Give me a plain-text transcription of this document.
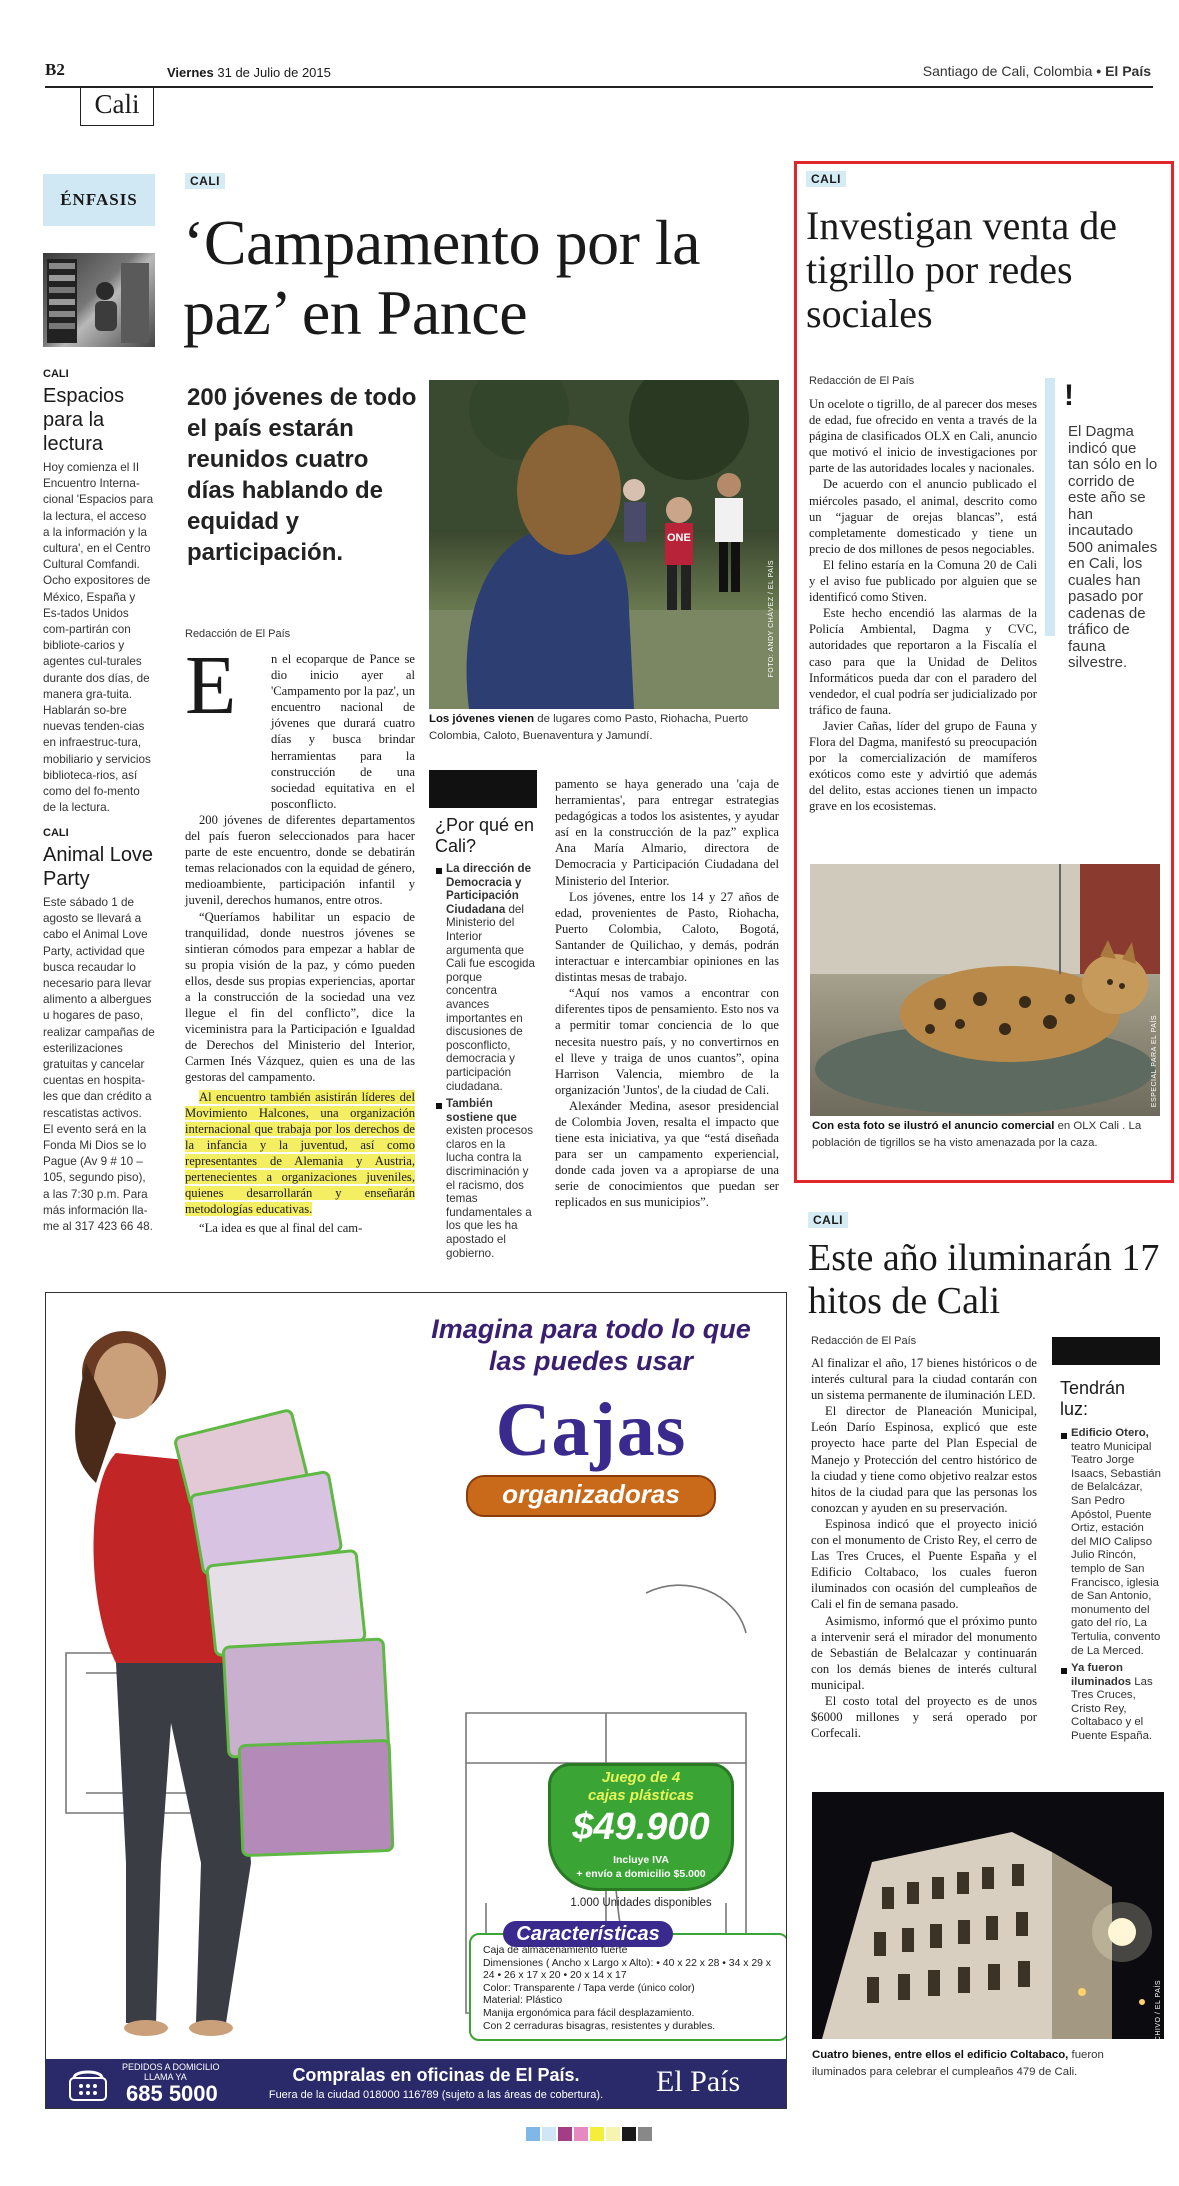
B2	Viernes 31 de Julio de 2015	Santiago de Cali, Colombia • El País
Cali
ÉNFASIS
CALI
Espacios para la lectura
Hoy comienza el II Encuentro Interna-cional 'Espacios para la lectura, el acceso a la información y la cultura', en el Centro Cultural Comfandi. Ocho expositores de México, España y Es-tados Unidos com-partirán con bibliote-carios y agentes cul-turales durante dos días, de manera gra-tuita. Hablarán so-bre nuevas tenden-cias en infraestruc-tura, mobiliario y servicios biblioteca-rios, así como del fo-mento de la lectura.
CALI
Animal Love Party
Este sábado 1 de agosto se llevará a cabo el Animal Love Party, actividad que busca recaudar lo necesario para llevar alimento a albergues u hogares de paso, realizar campañas de esterilizaciones gratuitas y cancelar cuentas en hospita-les que dan crédito a rescatistas activos. El evento será en la Fonda Mi Dios se lo Pague (Av 9 # 10 – 105, segundo piso), a las 7:30 p.m. Para más información lla-me al 317 423 66 48.
CALI
‘Campamento por la paz’ en Pance
200 jóvenes de todo el país estarán reunidos cuatro días hablando de equidad y participación.
Redacción de El País
ONE
FOTO: ANDY CHÁVEZ / EL PAÍS
Los jóvenes vienen de lugares como Pasto, Riohacha, Puerto Colombia, Caloto, Buenaventura y Jamundí.
E	n el ecoparque de Pance se dio inicio ayer al 'Campamento por la paz', un encuentro nacional de jóvenes que durará cuatro días y busca brindar herramientas para la construcción de una sociedad equitativa en el posconflicto.

200 jóvenes de diferentes departamentos del país fueron seleccionados para hacer parte de este encuentro, donde se debatirán temas relacionados con la equidad de género, medioambiente, participación infantil y juvenil, derechos humanos, entre otros.

“Queríamos habilitar un espacio de tranquilidad, donde nuestros jóvenes se sintieran cómodos para empezar a hablar de su propia visión de la paz, y cómo pueden ellos, desde sus propias experiencias, aportar a la construcción de la sociedad una vez llegue el fin del conflicto”, dice la viceministra para la Participación e Igualdad de Derechos del Ministerio del Interior, Carmen Inés Vázquez, quien es una de las gestoras del campamento.

Al encuentro también asistirán líderes del Movimiento Halcones, una organización internacional que trabaja por los derechos de la infancia y la juventud, así como representantes de Alemania y Austria, pertenecientes a organizaciones juveniles, quienes desarrollarán y enseñarán metodologías educativas.

“La idea es que al final del cam-

¿Por qué en Cali?
La dirección de Democracia y Participación Ciudadana del Ministerio del Interior argumenta que Cali fue escogida porque concentra avances importantes en discusiones de posconflicto, democracia y participación ciudadana.
También sostiene que existen procesos claros en la lucha contra la discriminación y el racismo, dos temas fundamentales a los que les ha apostado el gobierno.

pamento se haya generado una 'caja de herramientas', para entregar estrategias pedagógicas a todos los asistentes, y ayudar así en la construcción de la paz” explica Ana María Almario, directora de Democracia y Participación Ciudadana del Ministerio del Interior.

Los jóvenes, entre los 14 y 27 años de edad, provenientes de Pasto, Riohacha, Puerto Colombia, Caloto, Bogotá, Santander de Quilichao, y demás, podrán interactuar e intercambiar opiniones en las distintas mesas de trabajo.

“Aquí nos vamos a encontrar con diferentes tipos de pensamiento. Esto nos va a permitir tomar conciencia de lo que necesita nuestro país, y no convertirnos en el lleve y traiga de unos cuantos”, opina Harrison Valencia, miembro de la organización 'Juntos', de la ciudad de Cali.

Alexánder Medina, asesor presidencial de Colombia Joven, resalta el impacto que tiene esta iniciativa, ya que “está diseñada para ser un campamento experiencial, donde cada joven va a apropiarse de una serie de conocimientos que puedan ser replicados en sus municipios”.

CALI
Investigan venta de tigrillo por redes sociales
Redacción de El País

Un ocelote o tigrillo, de al parecer dos meses de edad, fue ofrecido en venta a través de la página de clasificados OLX en Cali, anuncio que motivó el inicio de investigaciones por parte de las autoridades locales y nacionales.

De acuerdo con el anuncio publicado el miércoles pasado, el animal, descrito como un “jaguar de orejas blancas”, está completamente domesticado y tiene un precio de dos millones de pesos negociables.

El felino estaría en la Comuna 20 de Cali y el aviso fue publicado por alguien que se identificó como Stiven.

Este hecho encendió las alarmas de la Policía Ambiental, Dagma y CVC, autoridades que reportaron a la Fiscalía el caso para que la Unidad de Delitos Informáticos pueda dar con el paradero del vendedor, el cual podría ser judicializado por tráfico de fauna.

Javier Cañas, líder del grupo de Fauna y Flora del Dagma, manifestó su preocupación por la comercialización de mamíferos exóticos como este y advirtió que además del delito, estas acciones tienen un impacto grave en los ecosistemas.

!
El Dagma indicó que tan sólo en lo corrido de este año se han incautado 500 animales en Cali, los cuales han pasado por cadenas de tráfico de fauna silvestre.
ESPECIAL PARA EL PAÍS
Con esta foto se ilustró el anuncio comercial en OLX Cali . La población de tigrillos se ha visto amenazada por la caza.
CALI
Este año iluminarán 17 hitos de Cali
Redacción de El País

Al finalizar el año, 17 bienes históricos o de interés cultural para la ciudad contarán con un sistema permanente de iluminación LED.

El director de Planeación Municipal, León Darío Espinosa, explicó que este proyecto hace parte del Plan Especial de Manejo y Protección del centro histórico de la ciudad y tiene como objetivo realzar estos hitos de la ciudad para que las personas los conozcan y ayuden en su preservación.

Espinosa indicó que el proyecto inició con el monumento de Cristo Rey, el cerro de Las Tres Cruces, el Puente España y el Edificio Coltabaco, los cuales fueron iluminados con ocasión del cumpleaños de Cali el fin de semana pasado.

Asimismo, informó que el próximo punto a intervenir será el mirador del monumento de Sebastián de Belalcazar y continuarán con los demás bienes de interés cultural municipal.

El costo total del proyecto es de unos $6000 millones y será operado por Corfecali.

Tendrán luz:
Edificio Otero, teatro Municipal Teatro Jorge Isaacs, Sebastián de Belalcázar, San Pedro Apóstol, Puente Ortiz, estación del MIO Calipso Julio Rincón, templo de San Francisco, iglesia de San Antonio, monumento del gato del río, La Tertulia, convento de La Merced.
Ya fueron iluminados Las Tres Cruces, Cristo Rey, Coltabaco y el Puente España.
ARCHIVO / EL PAÍS
Cuatro bienes, entre ellos el edificio Coltabaco, fueron iluminados para celebrar el cumpleaños 479 de Cali.
Imagina para todo lo que las puedes usar
Cajas
organizadoras
Juego de 4
cajas plásticas
$49.900
Incluye IVA
+ envío a domicilio $5.000
1.000 Unidades disponibles
Características
Caja de almacenamiento fuerte
Dimensiones ( Ancho x Largo x Alto): • 40 x 22 x 28 • 34 x 29 x 24 • 26 x 17 x 20 • 20 x 14 x 17
Color: Transparente / Tapa verde (único color)
Material: Plástico
Manija ergonómica para fácil desplazamiento.
Con 2 cerraduras bisagras, resistentes y durables.
PEDIDOS A DOMICILIO
LLAMA YA
685 5000
Compralas en oficinas de El País.
Fuera de la ciudad 018000 116789 (sujeto a las áreas de cobertura).	El País
